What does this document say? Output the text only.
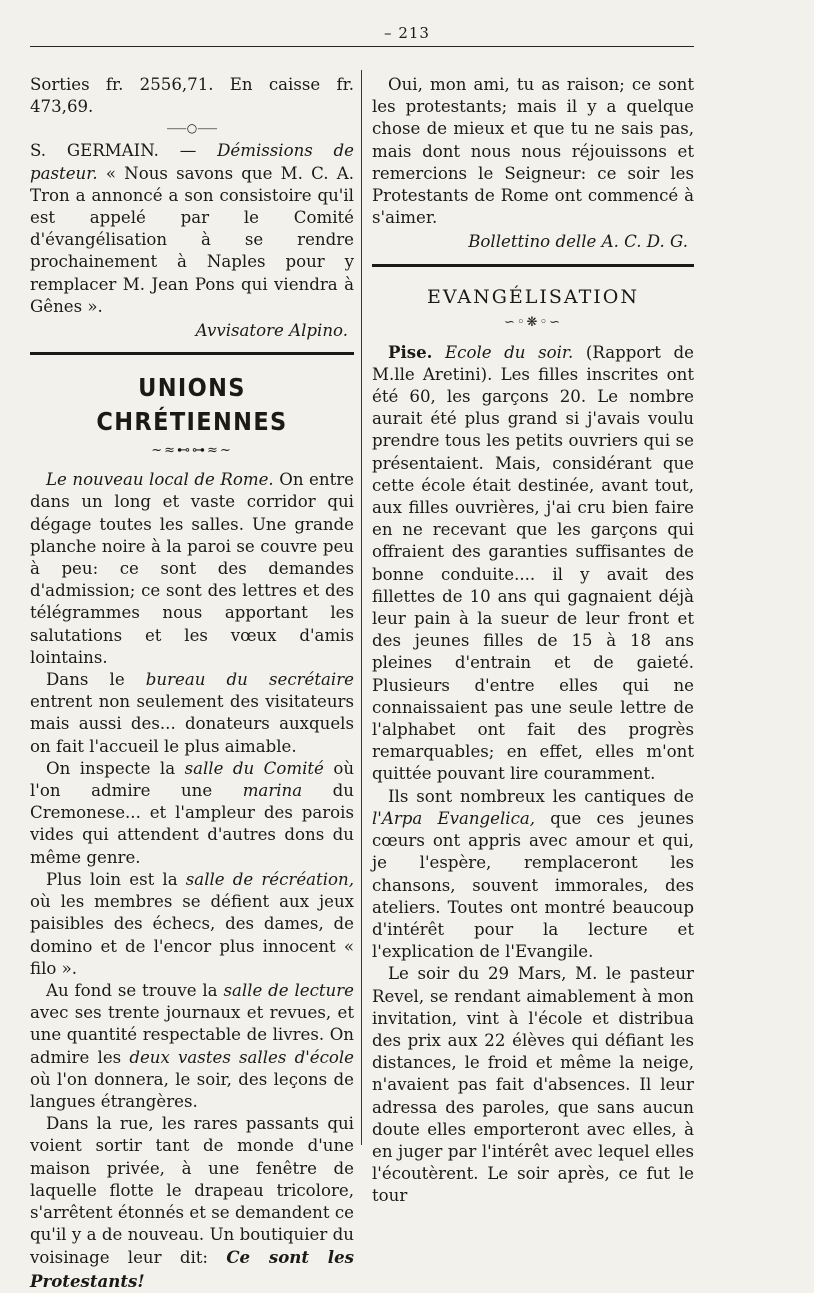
– 213

Sorties fr. 2556,71. En caisse fr. 473,69.

⸺○⸺

S. GERMAIN. — Démissions de pasteur. « Nous savons que M. C. A. Tron a annoncé a son consistoire qu'il est appelé par le Comité d'évangélisation à se rendre prochainement à Naples pour y remplacer M. Jean Pons qui viendra à Gênes ».

Avvisatore Alpino.
UNIONS CHRÉTIENNES
~≈⊷⊶≈~

Le nouveau local de Rome. On entre dans un long et vaste corridor qui dégage toutes les salles. Une grande planche noire à la paroi se couvre peu à peu: ce sont des demandes d'admission; ce sont des lettres et des télégrammes nous apportant les salutations et les vœux d'amis lointains.

Dans le bureau du secrétaire entrent non seulement des visitateurs mais aussi des... donateurs auxquels on fait l'accueil le plus aimable.

On inspecte la salle du Comité où l'on admire une marina du Cremonese... et l'ampleur des parois vides qui attendent d'autres dons du même genre.

Plus loin est la salle de récréation, où les membres se défient aux jeux paisibles des échecs, des dames, de domino et de l'encor plus innocent « filo ».

Au fond se trouve la salle de lecture avec ses trente journaux et revues, et une quantité respectable de livres. On admire les deux vastes salles d'école où l'on donnera, le soir, des leçons de langues étrangères.

Dans la rue, les rares passants qui voient sortir tant de monde d'une maison privée, à une fenêtre de laquelle flotte le drapeau tricolore, s'arrêtent étonnés et se demandent ce qu'il y a de nouveau. Un boutiquier du voisinage leur dit: Ce sont les Protestants!

Oui, mon ami, tu as raison; ce sont les protestants; mais il y a quelque chose de mieux et que tu ne sais pas, mais dont nous nous réjouissons et remercions le Seigneur: ce soir les Protestants de Rome ont commencé à s'aimer.

Bollettino delle A. C. D. G.
EVANGÉLISATION
∽◦❋◦∽

Pise. Ecole du soir. (Rapport de M.lle Aretini). Les filles inscrites ont été 60, les garçons 20. Le nombre aurait été plus grand si j'avais voulu prendre tous les petits ouvriers qui se présentaient. Mais, considérant que cette école était destinée, avant tout, aux filles ouvrières, j'ai cru bien faire en ne recevant que les garçons qui offraient des garanties suffisantes de bonne conduite.... il y avait des fillettes de 10 ans qui gagnaient déjà leur pain à la sueur de leur front et des jeunes filles de 15 à 18 ans pleines d'entrain et de gaieté. Plusieurs d'entre elles qui ne connaissaient pas une seule lettre de l'alphabet ont fait des progrès remarquables; en effet, elles m'ont quittée pouvant lire couramment.

Ils sont nombreux les cantiques de l'Arpa Evangelica, que ces jeunes cœurs ont appris avec amour et qui, je l'espère, remplaceront les chansons, souvent immorales, des ateliers. Toutes ont montré beaucoup d'intérêt pour la lecture et l'explication de l'Evangile.

Le soir du 29 Mars, M. le pasteur Revel, se rendant aimablement à mon invitation, vint à l'école et distribua des prix aux 22 élèves qui défiant les distances, le froid et même la neige, n'avaient pas fait d'absences. Il leur adressa des paroles, que sans aucun doute elles emporteront avec elles, à en juger par l'intérêt avec lequel elles l'écoutèrent. Le soir après, ce fut le tour
